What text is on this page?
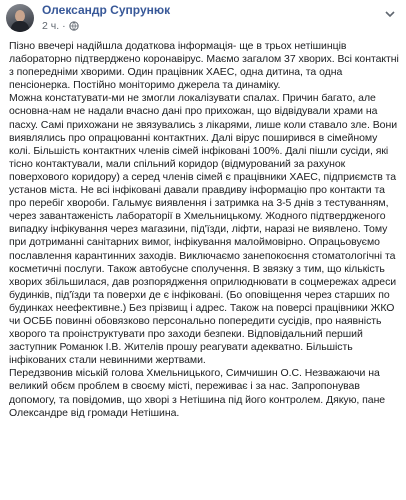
Олександр Супрунюк
2 ч. ·

Пізно ввечері надійшла додаткова інформація- ще в трьох нетішинців лабораторно підтверджено коронавірус. Маємо загалом 37 хворих. Всі контактні з попередніми хворими. Один працівник ХАЕС, одна дитина, та одна пенсіонерка. Постійно моніторимо джерела та динаміку.

Можна констатувати-ми не змогли локалізувати спалах. Причин багато, але основна-нам не надали вчасно дані про прихожан, що відвідували храми на пасху. Самі прихожани не звязувались з лікарями, лише коли ставало зле. Вони виявлялись про опрацюванні контактних. Далі вірус поширився в сімейному колі. Бiльшість контактних членів сімей інфіковані 100%. Далі пішли сусіди, які тісно контактували, мали спільний коридор (відмурований за рахунок поверхового коридору) а серед членів сімей є працівники ХАЕС, підприємств та установ міста. Не всі інфіковані давали правдиву інформацію про контакти та про перебіг хвороби. Гальмує виявлення і затримка на 3-5 днів з тестуванням, через завантаженість лабораторії в Хмельницькому. Жодного підтвердженого випадку інфікування через магазини, під'їзди, ліфти, наразі не виявлено. Тому при дотриманні санітарних вимог, інфікування малоймовірно. Опрацьовуємо пославлення карантинних заходів. Виключаємо занепокоєння стоматологічні та косметичні послуги. Також автобусне сполучення. В звязку з тим, що кількість хворих збільшилася, дав розпорядження оприлюднювати в соцмережах адреси будинків, під'їзди та поверхи де є інфіковані. (Бо оповіщення через старших по будинках неефективне.) Без прізвищ і адрес. Також на поверсі працівники ЖКО чи ОСББ повинні обовязково персонально попередити сусідів, про наявність хворого та проінструктувати про заходи безпеки. Відповідальний перший заступник Романюк І.В. Жителів прошу реагувати адекватно. Більшість інфікованих стали невинними жертвами.

Передзвонив міській голова Хмельницького, Симчишин О.С. Незважаючи на великий обєм проблем в своєму місті, переживає і за нас. Запропонував допомогу, та повідомив, що хворі з Нетішина під його контролем. Дякую, пане Олександре від громади Нетішина.
